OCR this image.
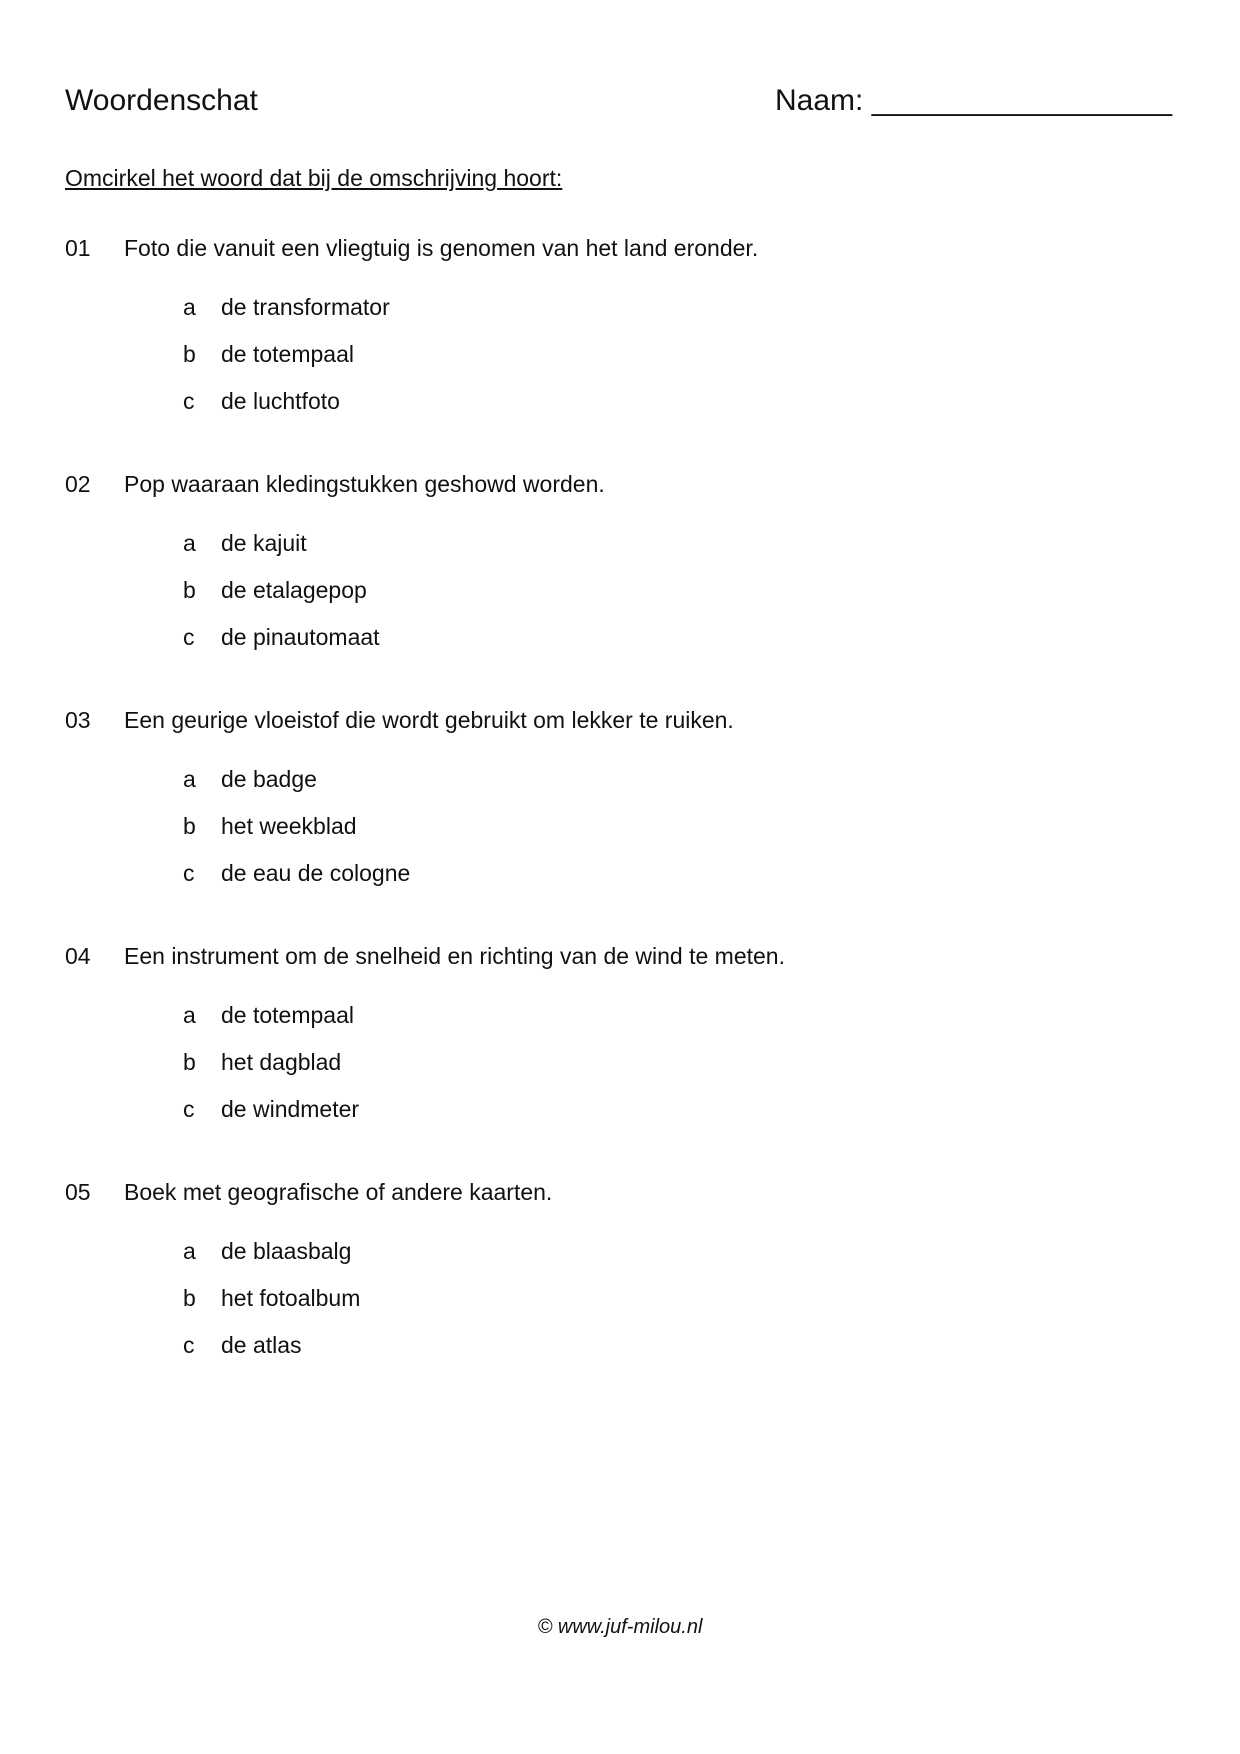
Woordenschat	Naam: __________________
Omcirkel het woord dat bij de omschrijving hoort:
01 Foto die vanuit een vliegtuig is genomen van het land eronder.
a de transformator
b de totempaal
c de luchtfoto
02 Pop waaraan kledingstukken geshowd worden.
a de kajuit
b de etalagepop
c de pinautomaat
03 Een geurige vloeistof die wordt gebruikt om lekker te ruiken.
a de badge
b het weekblad
c de eau de cologne
04 Een instrument om de snelheid en richting van de wind te meten.
a de totempaal
b het dagblad
c de windmeter
05 Boek met geografische of andere kaarten.
a de blaasbalg
b het fotoalbum
c de atlas
© www.juf-milou.nl
